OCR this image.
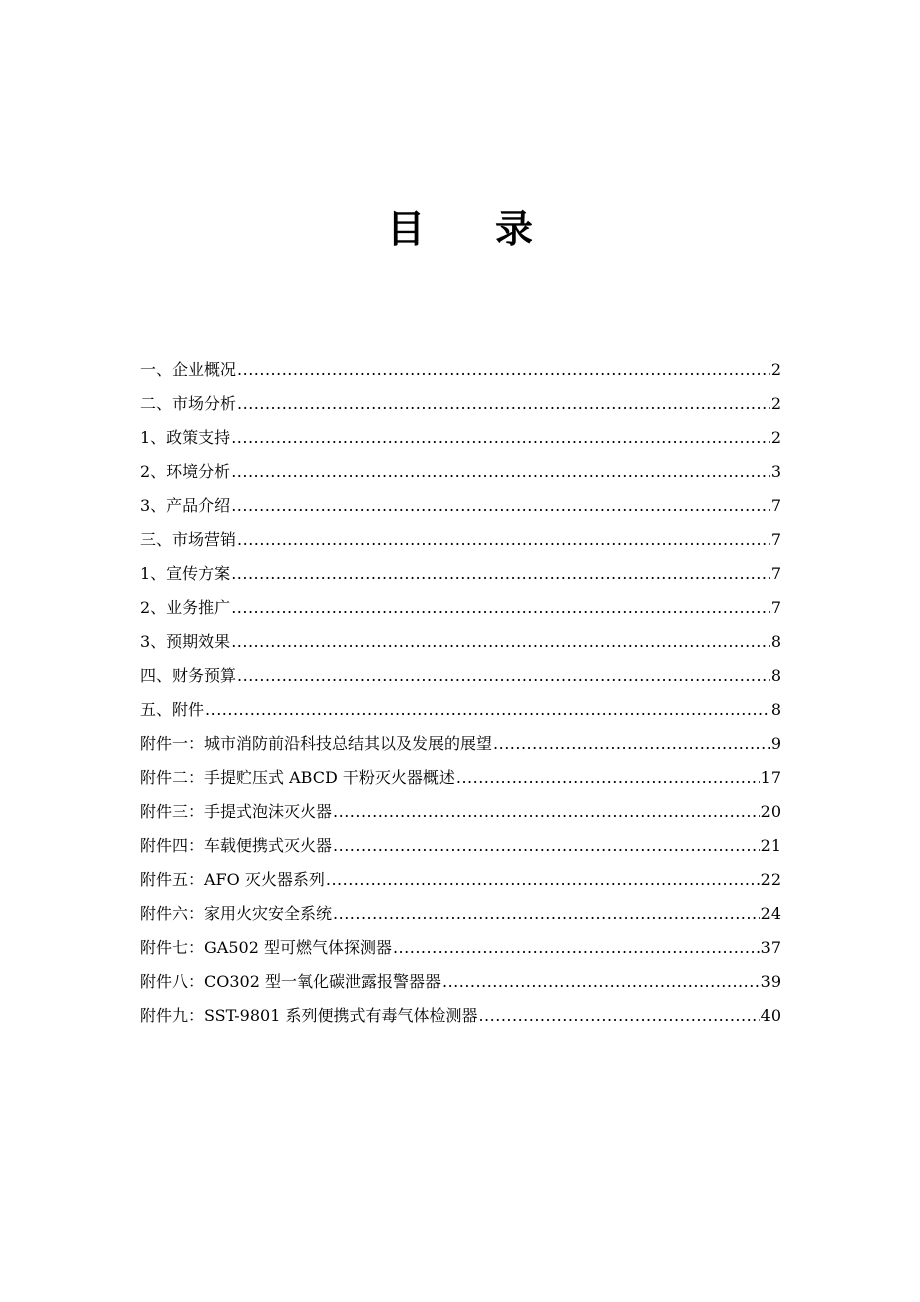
目 录
一、企业概况 .....	2
二、市场分析 .....	2
1、政策支持 .....	2
2、环境分析 .....	3
3、产品介绍 .....	7
三、市场营销 .....	7
1、宣传方案 .....	7
2、业务推广 .....	7
3、预期效果 .....	8
四、财务预算 .....	8
五、附件 .....	8
附件一：城市消防前沿科技总结其以及发展的展望 .....	9
附件二：手提贮压式 ABCD 干粉灭火器概述 .....	17
附件三：手提式泡沫灭火器 .....	20
附件四：车载便携式灭火器 .....	21
附件五：AFO 灭火器系列 .....	22
附件六：家用火灾安全系统 .....	24
附件七：GA502 型可燃气体探测器 .....	37
附件八：CO302 型一氧化碳泄露报警器器 .....	39
附件九：SST-9801 系列便携式有毒气体检测器 .....	40
